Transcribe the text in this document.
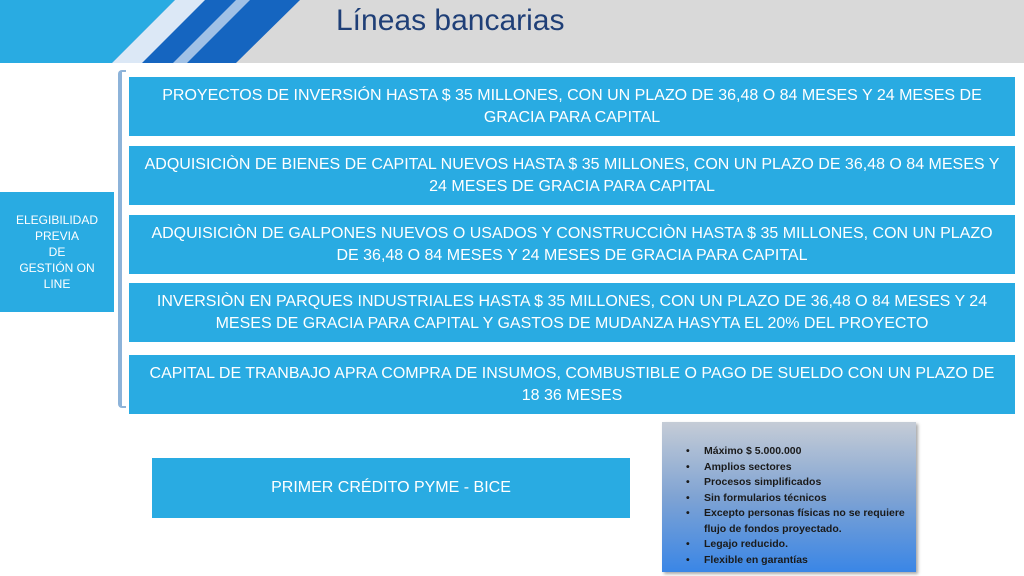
Líneas bancarias
ELEGIBILIDAD
PREVIA
DE
GESTIÓN ON
LINE
PROYECTOS DE INVERSIÓN HASTA $ 35 MILLONES, CON UN PLAZO DE 36,48 O 84 MESES Y 24 MESES DE GRACIA PARA CAPITAL
ADQUISICIÒN DE BIENES DE CAPITAL NUEVOS HASTA $ 35 MILLONES, CON UN PLAZO DE 36,48 O 84 MESES Y 24 MESES DE GRACIA PARA CAPITAL
ADQUISICIÒN DE GALPONES NUEVOS O USADOS Y CONSTRUCCIÒN HASTA $ 35 MILLONES, CON UN PLAZO DE 36,48 O 84 MESES Y 24 MESES DE GRACIA PARA CAPITAL
INVERSIÒN EN PARQUES INDUSTRIALES HASTA $ 35 MILLONES, CON UN PLAZO DE 36,48 O 84 MESES Y 24 MESES DE GRACIA PARA CAPITAL Y GASTOS DE MUDANZA HASYTA EL 20% DEL PROYECTO
CAPITAL DE TRANBAJO APRA COMPRA DE INSUMOS, COMBUSTIBLE O PAGO DE SUELDO CON UN PLAZO DE 18 36 MESES
PRIMER CRÉDITO PYME - BICE
• Máximo $ 5.000.000
• Amplios sectores
• Procesos simplificados
• Sin formularios técnicos
• Excepto personas físicas no se requiere flujo de fondos proyectado.
• Legajo reducido.
• Flexible en garantías
